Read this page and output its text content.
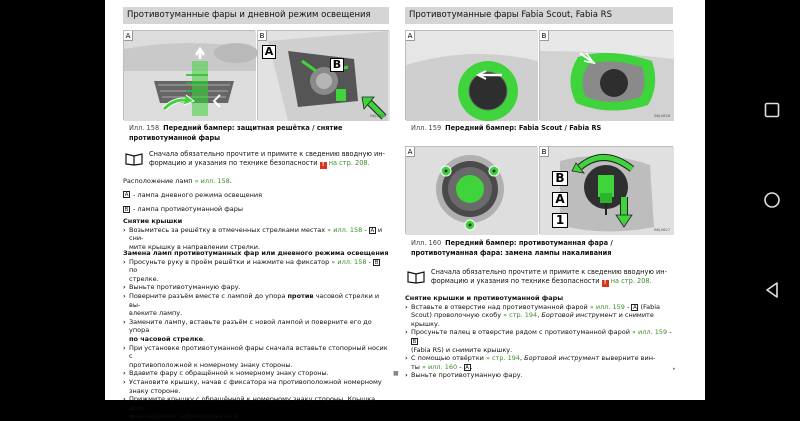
Противотуманные фары и дневной режим освещения
A	B
A
B
B6J-0625
Илл. 158 Передний бампер: защитная решётка / снятие противотуманной фары
Сначала обязательно прочтите и примите к сведению вводную ин-
формацию и указания по технике безопасности ! на стр. 208.

Расположение ламп » илл. 158.

A - лампа дневного режима освещения
B - лампа противотуманной фары

Снятие крышки

› Возьмитесь за решётку в отмеченных стрелками местах » илл. 158 - A и сни-

мите крышку в направлении стрелки.

Замена ламп противотуманных фар или дневного режима освещения

› Просуньте руку в проём решётки и нажмите на фиксатор » илл. 158 - B по

стрелке.

› Выньте противотуманную фару.

› Поверните разъём вместе с лампой до упора против часовой стрелки и вы-

влеките лампу.

› Замените лампу, вставьте разъём с новой лампой и поверните его до упора

по часовой стрелке.

› При установке противотуманной фары сначала вставьте стопорный носик с

противоположной к номерному знаку стороны.

› Вдавите фару с обращённой к номерному знаку стороны.

› Установите крышку, начав с фиксатора на противоположной номерному

знаку стороне.

› Прижмите крышку с обращённой к номерному знаку стороны. Крышка дол-

жна надёжно зафиксироваться.

■
Противотуманные фары Fabia Scout, Fabia RS
A	B
B6J-0626
Илл. 159 Передний бампер: Fabia Scout / Fabia RS
A	B
B
A
1
B6J-0627
Илл. 160 Передний бампер: противотуманная фара / противотуманная фара: замена лампы накаливания
Сначала обязательно прочтите и примите к сведению вводную ин-
формацию и указания по технике безопасности ! на стр. 208.

Снятие крышки и противотуманной фары

› Вставьте в отверстие над противотуманной фарой » илл. 159 - A (Fabia

Scout) проволочную скобу » стр. 194, Бортовой инструмент и снимите

крышку.

› Просуньте палец в отверстие рядом с противотуманной фарой » илл. 159 - B

(Fabia RS) и снимите крышку.

› С помощью отвёртки » стр. 194, Бортовой инструмент выверните вин-

ты » илл. 160 - A .

› Выньте противотуманную фару.

▸
